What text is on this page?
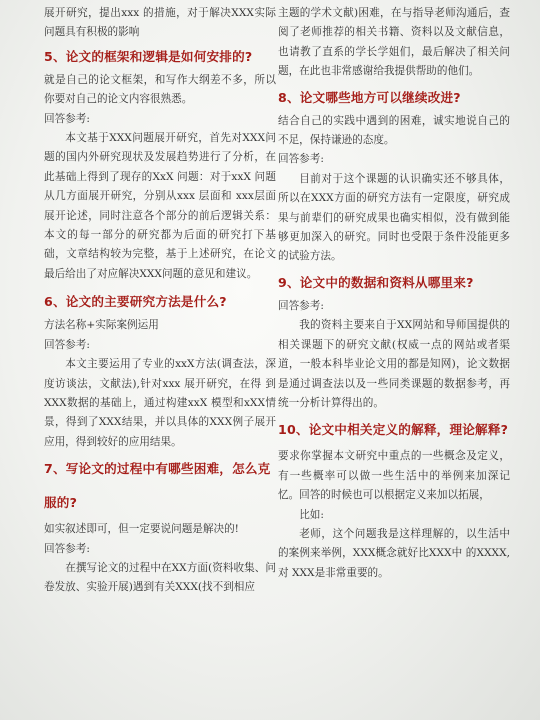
展开研究，提出xxx 的措施，对于解决XXX实际问题具有积极的影响

5、论文的框架和逻辑是如何安排的?

就是自己的论文框架，和写作大纲差不多，所以你要对自己的论文内容很熟悉。

回答参考:

本文基于XXX问题展开研究，首先对XXX问题的国内外研究现状及发展趋势进行了分析，在此基础上得到了现存的XxX 问题：对于xxX 问题从几方面展开研究，分别从xxx 层面和 xxx层面展开论述，同时注意各个部分的前后逻辑关系：本文的每一部分的研究都为后面的研究打下基础，文章结构较为完整，基于上述研究，在论文最后给出了对应解决XXX问题的意见和建议。

6、论文的主要研究方法是什么?

方法名称+实际案例运用

回答参考:

本文主要运用了专业的xxX方法(调查法，深度访谈法，文献法),针对xxx 展开研究，在得 到XXX数据的基础上，通过构建xxX 模型和xXX情景，得到了XXX结果，并以具体的XXX例子展开应用，得到较好的应用结果。

7、写论文的过程中有哪些困难，怎么克服的?

如实叙述即可，但一定要说问题是解决的!

回答参考:

在撰写论文的过程中在XX方面(资料收集、问卷发放、实验开展)遇到有关XXX(找不到相应

主题的学术文献)困难，在与指导老师沟通后，查阅了老师推荐的相关书籍、资料以及文献信息，也请教了直系的学长学姐们，最后解决了相关问题，在此也非常感谢给我提供帮助的他们。

8、论文哪些地方可以继续改进?

结合自己的实践中遇到的困难，诚实地说自己的不足，保持谦逊的态度。

回答参考:

目前对于这个课题的认识确实还不够具体，所以在XXX方面的研究方法有一定限度，研究成果与前辈们的研究成果也确实相似，没有做到能够更加深入的研究。同时也受限于条件没能更多的试验方法。

9、论文中的数据和资料从哪里来?

回答参考:

我的资料主要来自于XX网站和导师国提供的相关课题下的研究文献(权威一点的网站或者渠道，一般本科毕业论文用的都是知网)，论文数据是通过调查法以及一些同类课题的数据参考，再统一分析计算得出的。

10、论文中相关定义的解释，理论解释?

要求你掌握本文研究中重点的一些概念及定义，有一些概率可以做一些生活中的举例来加深记忆。回答的时候也可以根据定义来加以拓展，

比如:

老师，这个问题我是这样理解的，以生活中的案例来举例，XXX概念就好比XXX中 的XXXX, 对 XXX是非常重要的。
